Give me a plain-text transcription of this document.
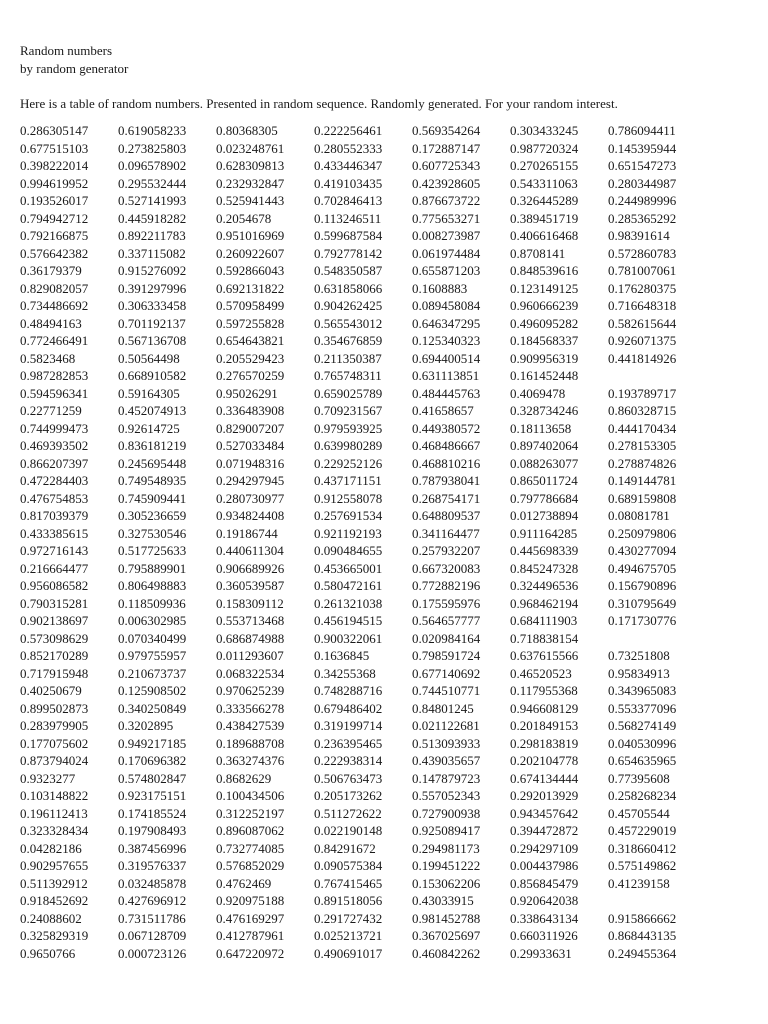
Random numbers
by random generator
Here is a table of random numbers. Presented in random sequence. Randomly generated. For your random interest.
0.286305147	0.619058233	0.80368305	0.222256461	0.569354264	0.303433245	0.786094411
0.677515103	0.273825803	0.023248761	0.280552333	0.172887147	0.987720324	0.145395944
0.398222014	0.096578902	0.628309813	0.433446347	0.607725343	0.270265155	0.651547273
0.994619952	0.295532444	0.232932847	0.419103435	0.423928605	0.543311063	0.280344987
0.193526017	0.527141993	0.525941443	0.702846413	0.876673722	0.326445289	0.244989996
0.794942712	0.445918282	0.2054678	0.113246511	0.775653271	0.389451719	0.285365292
0.792166875	0.892211783	0.951016969	0.599687584	0.008273987	0.406616468	0.98391614
0.576642382	0.337115082	0.260922607	0.792778142	0.061974484	0.8708141	0.572860783
0.36179379	0.915276092	0.592866043	0.548350587	0.655871203	0.848539616	0.781007061
0.829082057	0.391297996	0.692131822	0.631858066	0.1608883	0.123149125	0.176280375
0.734486692	0.306333458	0.570958499	0.904262425	0.089458084	0.960666239	0.716648318
0.48494163	0.701192137	0.597255828	0.565543012	0.646347295	0.496095282	0.582615644
0.772466491	0.567136708	0.654643821	0.354676859	0.125340323	0.184568337	0.926071375
0.5823468	0.50564498	0.205529423	0.211350387	0.694400514	0.909956319	0.441814926
0.987282853	0.668910582	0.276570259	0.765748311	0.631113851	0.161452448
0.594596341	0.59164305	0.95026291	0.659025789	0.484445763	0.4069478	0.193789717
0.22771259	0.452074913	0.336483908	0.709231567	0.41658657	0.328734246	0.860328715
0.744999473	0.92614725	0.829007207	0.979593925	0.449380572	0.18113658	0.444170434
0.469393502	0.836181219	0.527033484	0.639980289	0.468486667	0.897402064	0.278153305
0.866207397	0.245695448	0.071948316	0.229252126	0.468810216	0.088263077	0.278874826
0.472284403	0.749548935	0.294297945	0.437171151	0.787938041	0.865011724	0.149144781
0.476754853	0.745909441	0.280730977	0.912558078	0.268754171	0.797786684	0.689159808
0.817039379	0.305236659	0.934824408	0.257691534	0.648809537	0.012738894	0.08081781
0.433385615	0.327530546	0.19186744	0.921192193	0.341164477	0.911164285	0.250979806
0.972716143	0.517725633	0.440611304	0.090484655	0.257932207	0.445698339	0.430277094
0.216664477	0.795889901	0.906689926	0.453665001	0.667320083	0.845247328	0.494675705
0.956086582	0.806498883	0.360539587	0.580472161	0.772882196	0.324496536	0.156790896
0.790315281	0.118509936	0.158309112	0.261321038	0.175595976	0.968462194	0.310795649
0.902138697	0.006302985	0.553713468	0.456194515	0.564657777	0.684111903	0.171730776
0.573098629	0.070340499	0.686874988	0.900322061	0.020984164	0.718838154
0.852170289	0.979755957	0.011293607	0.1636845	0.798591724	0.637615566	0.73251808
0.717915948	0.210673737	0.068322534	0.34255368	0.677140692	0.46520523	0.95834913
0.40250679	0.125908502	0.970625239	0.748288716	0.744510771	0.117955368	0.343965083
0.899502873	0.340250849	0.333566278	0.679486402	0.84801245	0.946608129	0.553377096
0.283979905	0.3202895	0.438427539	0.319199714	0.021122681	0.201849153	0.568274149
0.177075602	0.949217185	0.189688708	0.236395465	0.513093933	0.298183819	0.040530996
0.873794024	0.170696382	0.363274376	0.222938314	0.439035657	0.202104778	0.654635965
0.9323277	0.574802847	0.8682629	0.506763473	0.147879723	0.674134444	0.77395608
0.103148822	0.923175151	0.100434506	0.205173262	0.557052343	0.292013929	0.258268234
0.196112413	0.174185524	0.312252197	0.511272622	0.727900938	0.943457642	0.45705544
0.323328434	0.197908493	0.896087062	0.022190148	0.925089417	0.394472872	0.457229019
0.04282186	0.387456996	0.732774085	0.84291672	0.294981173	0.294297109	0.318660412
0.902957655	0.319576337	0.576852029	0.090575384	0.199451222	0.004437986	0.575149862
0.511392912	0.032485878	0.4762469	0.767415465	0.153062206	0.856845479	0.41239158
0.918452692	0.427696912	0.920975188	0.891518056	0.43033915	0.920642038
0.24088602	0.731511786	0.476169297	0.291727432	0.981452788	0.338643134	0.915866662
0.325829319	0.067128709	0.412787961	0.025213721	0.367025697	0.660311926	0.868443135
0.9650766	0.000723126	0.647220972	0.490691017	0.460842262	0.29933631	0.249455364
